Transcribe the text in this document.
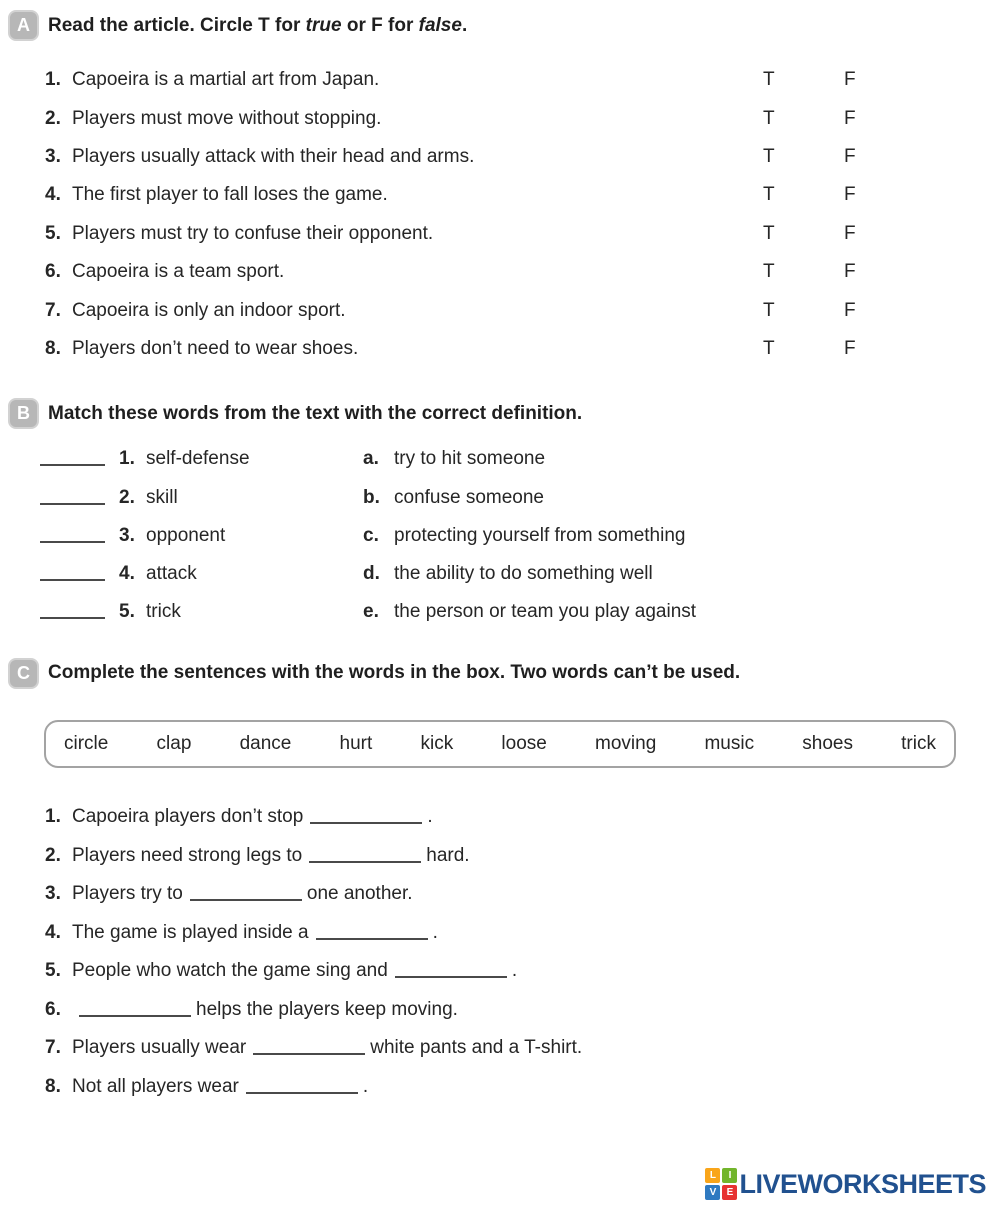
A Read the article. Circle T for true or F for false.
1. Capoeira is a martial art from Japan.	T	F
2. Players must move without stopping.	T	F
3. Players usually attack with their head and arms.	T	F
4. The first player to fall loses the game.	T	F
5. Players must try to confuse their opponent.	T	F
6. Capoeira is a team sport.	T	F
7. Capoeira is only an indoor sport.	T	F
8. Players don’t need to wear shoes.	T	F
B Match these words from the text with the correct definition.
1. self-defense	a. try to hit someone
2. skill	b. confuse someone
3. opponent	c. protecting yourself from something
4. attack	d. the ability to do something well
5. trick	e. the person or team you play against
C Complete the sentences with the words in the box. Two words can’t be used.
circle	clap	dance	hurt	kick	loose	moving	music	shoes	trick
1. Capoeira players don’t stop	.
2. Players need strong legs to	hard.
3. Players try to	one another.
4. The game is played inside a	.
5. People who watch the game sing and	.
6.	helps the players keep moving.
7. Players usually wear	white pants and a T-shirt.
8. Not all players wear	.
L	I
V	E LIVEWORKSHEETS
